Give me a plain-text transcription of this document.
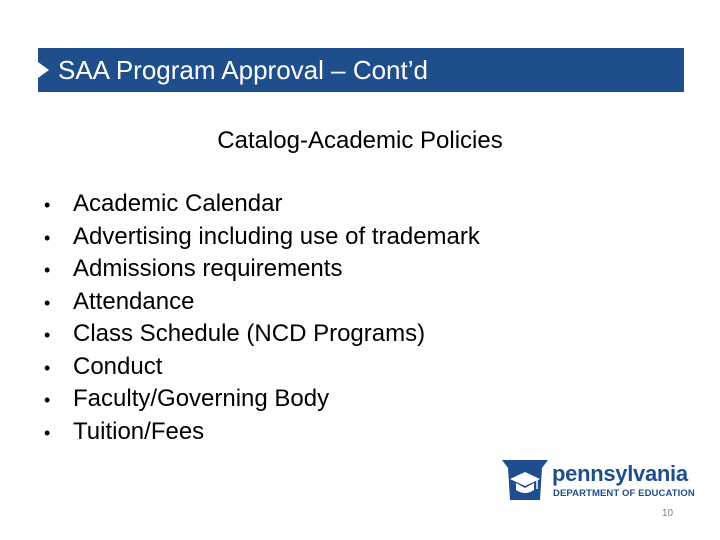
SAA Program Approval – Cont’d
Catalog-Academic Policies
• Academic Calendar
• Advertising including use of trademark
• Admissions requirements
• Attendance
• Class Schedule (NCD Programs)
• Conduct
• Faculty/Governing Body
• Tuition/Fees
pennsylvania
DEPARTMENT OF EDUCATION
10
